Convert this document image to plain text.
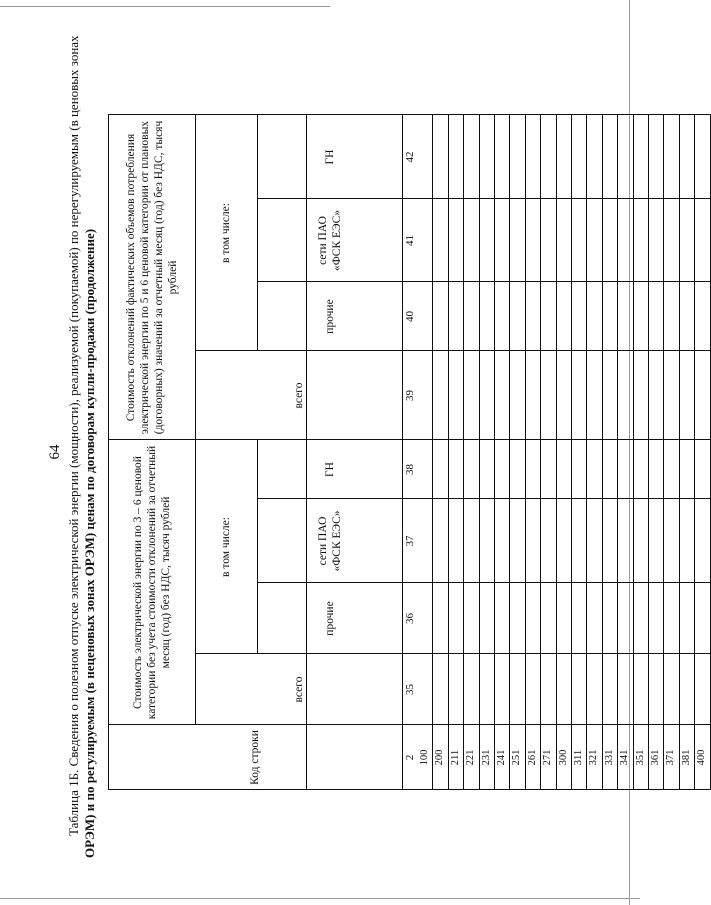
64 Таблица 1Б. Сведения о полезном отпуске электрической энергии (мощности), реализуемой (покупаемой) по нерегулируемым (в ценовых зонах ОРЭМ) и по регулируемым (в неценовых зонах ОРЭМ) ценам по договорам купли-продажи (продолжение)	Код строки
Стоимость электрической энергии по 3 – 6 ценовой категории без учета стоимости отклонений за отчетный месяц (год) без НДС, тысяч рублей
Стоимость отклонений фактических объемов потребления электрической энергии по 5 и 6 ценовой категории от плановых (договорных) значений за отчетный месяц (год) без НДС, тысяч рублей
всего
всего
в том числе:
в том числе:
прочие
сети ПАО «ФСК ЕЭС»
ГН
прочие
сети ПАО «ФСК ЕЭС»
ГН
2
35
36
37
38
39
40
41
42
100 200 211 221 231 241 251 261 271 300 311 321 331 341 351 361 371 381 400
